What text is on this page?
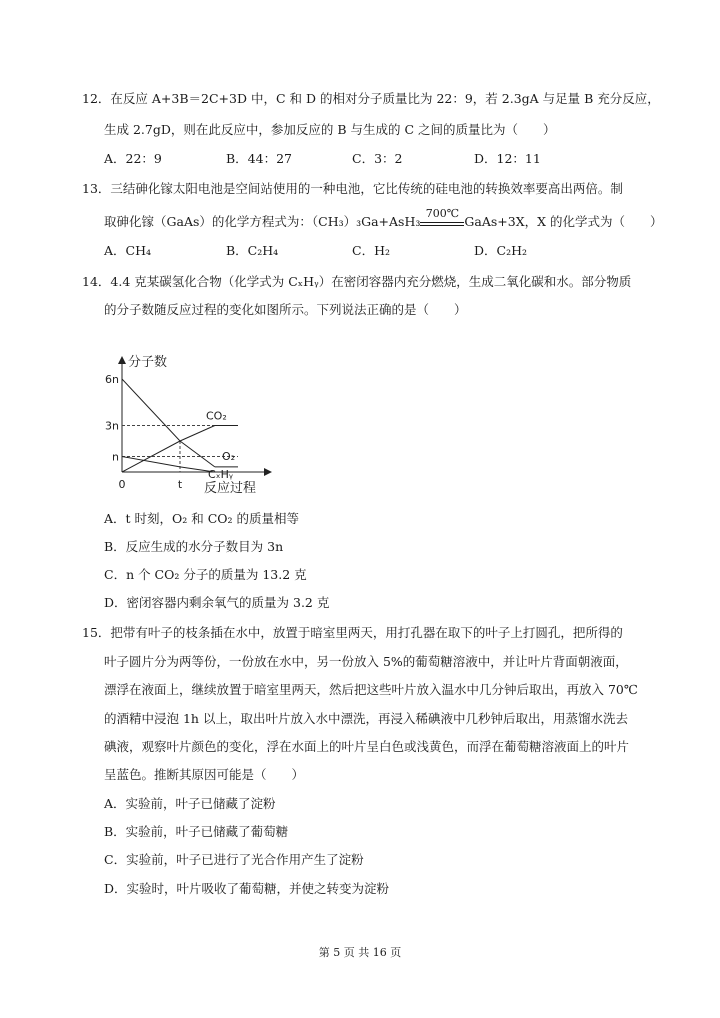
12．在反应 A+3B＝2C+3D 中，C 和 D 的相对分子质量比为 22：9，若 2.3gA 与足量 B 充分反应，
生成 2.7gD，则在此反应中，参加反应的 B 与生成的 C 之间的质量比为（　　）
A．22：9	B．44：27	C．3：2	D．12：11
13．三结砷化镓太阳电池是空间站使用的一种电池，它比传统的硅电池的转换效率要高出两倍。制
取砷化镓（GaAs）的化学方程式为：（CH₃）₃Ga+AsH₃
700℃
GaAs+3X，X 的化学式为（　　）
A．CH₄	B．C₂H₄	C．H₂	D．C₂H₂
14．4.4 克某碳氢化合物（化学式为 CₓHᵧ）在密闭容器内充分燃烧，生成二氧化碳和水。部分物质
的分子数随反应过程的变化如图所示。下列说法正确的是（　　）
分子数
反应过程
6n
3n
n
0	t
CO₂
O₂
CₓHᵧ
A．t 时刻，O₂ 和 CO₂ 的质量相等
B．反应生成的水分子数目为 3n
C．n 个 CO₂ 分子的质量为 13.2 克
D．密闭容器内剩余氧气的质量为 3.2 克
15．把带有叶子的枝条插在水中，放置于暗室里两天，用打孔器在取下的叶子上打圆孔，把所得的
叶子圆片分为两等份，一份放在水中，另一份放入 5%的葡萄糖溶液中，并让叶片背面朝液面，
漂浮在液面上，继续放置于暗室里两天，然后把这些叶片放入温水中几分钟后取出，再放入 70℃
的酒精中浸泡 1h 以上，取出叶片放入水中漂洗，再浸入稀碘液中几秒钟后取出，用蒸馏水洗去
碘液，观察叶片颜色的变化，浮在水面上的叶片呈白色或浅黄色，而浮在葡萄糖溶液面上的叶片
呈蓝色。推断其原因可能是（　　）
A．实验前，叶子已储藏了淀粉
B．实验前，叶子已储藏了葡萄糖
C．实验前，叶子已进行了光合作用产生了淀粉
D．实验时，叶片吸收了葡萄糖，并使之转变为淀粉
第 5 页 共 16 页
